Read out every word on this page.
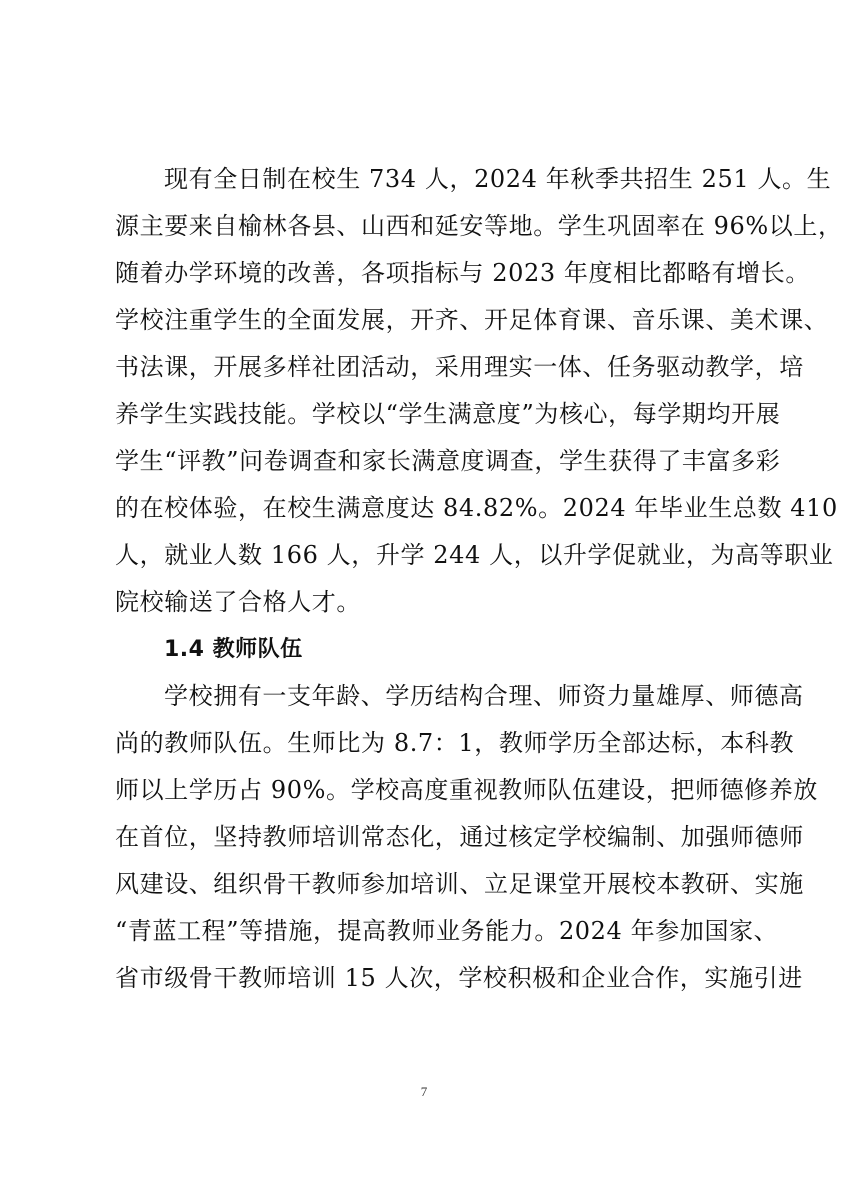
现有全日制在校生 734 人，2024 年秋季共招生 251 人。生
源主要来自榆林各县、山西和延安等地。学生巩固率在 96%以上，
随着办学环境的改善，各项指标与 2023 年度相比都略有增长。
学校注重学生的全面发展，开齐、开足体育课、音乐课、美术课、
书法课，开展多样社团活动，采用理实一体、任务驱动教学，培
养学生实践技能。学校以“学生满意度”为核心，每学期均开展
学生“评教”问卷调查和家长满意度调查，学生获得了丰富多彩
的在校体验，在校生满意度达 84.82%。2024 年毕业生总数 410
人，就业人数 166 人，升学 244 人，以升学促就业，为高等职业
院校输送了合格人才。
1.4 教师队伍
学校拥有一支年龄、学历结构合理、师资力量雄厚、师德高
尚的教师队伍。生师比为 8.7：1，教师学历全部达标，本科教
师以上学历占 90%。学校高度重视教师队伍建设，把师德修养放
在首位，坚持教师培训常态化，通过核定学校编制、加强师德师
风建设、组织骨干教师参加培训、立足课堂开展校本教研、实施
“青蓝工程”等措施，提高教师业务能力。2024 年参加国家、
省市级骨干教师培训 15 人次，学校积极和企业合作，实施引进
7
